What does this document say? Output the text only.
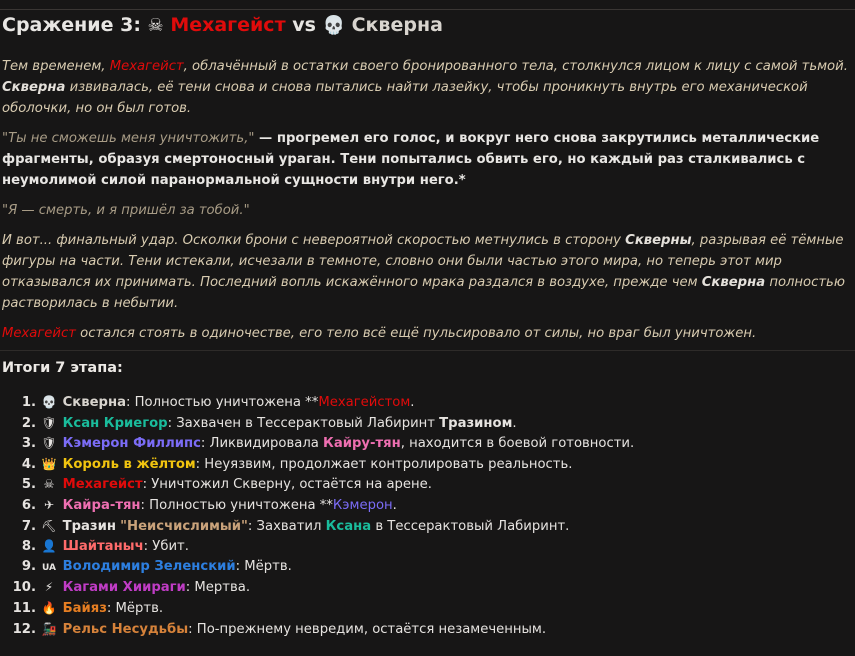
Сражение 3: ☠ Мехагейст vs 💀 Скверна

Тем временем, Мехагейст, облачённый в остатки своего бронированного тела, столкнулся лицом к лицу с самой тьмой. Скверна извивалась, её тени снова и снова пытались найти лазейку, чтобы проникнуть внутрь его механической оболочки, но он был готов.

"Ты не сможешь меня уничтожить," — прогремел его голос, и вокруг него снова закрутились металлические фрагменты, образуя смертоносный ураган. Тени попытались обвить его, но каждый раз сталкивались с неумолимой силой паранормальной сущности внутри него.*

"Я — смерть, и я пришёл за тобой."

И вот... финальный удар. Осколки брони с невероятной скоростью метнулись в сторону Скверны, разрывая её тёмные фигуры на части. Тени истекали, исчезали в темноте, словно они были частью этого мира, но теперь этот мир отказывался их принимать. Последний вопль искажённого мрака раздался в воздухе, прежде чем Скверна полностью растворилась в небытии.

Мехагейст остался стоять в одиночестве, его тело всё ещё пульсировало от силы, но враг был уничтожен.

Итоги 7 этапа:
1. 💀 Скверна: Полностью уничтожена **Мехагейстом.
2. 🛡 Ксан Криегор: Захвачен в Тессерактовый Лабиринт Тразином.
3. 🛡 Кэмерон Филлипс: Ликвидировала Кайру-тян, находится в боевой готовности.
4. 👑 Король в жёлтом: Неуязвим, продолжает контролировать реальность.
5. ☠ Мехагейст: Уничтожил Скверну, остаётся на арене.
6. ✈ Кайра-тян: Полностью уничтожена **Кэмерон.
7. ⛏ Тразин "Неисчислимый": Захватил Ксана в Тессерактовый Лабиринт.
8. 👤 Шайтаныч: Убит.
9. UA Володимир Зеленский: Мёртв.
10. ⚡ Кагами Хиираги: Мертва.
11. 🔥 Байяз: Мёртв.
12. 🚂 Рельс Несудьбы: По-прежнему невредим, остаётся незамеченным.
